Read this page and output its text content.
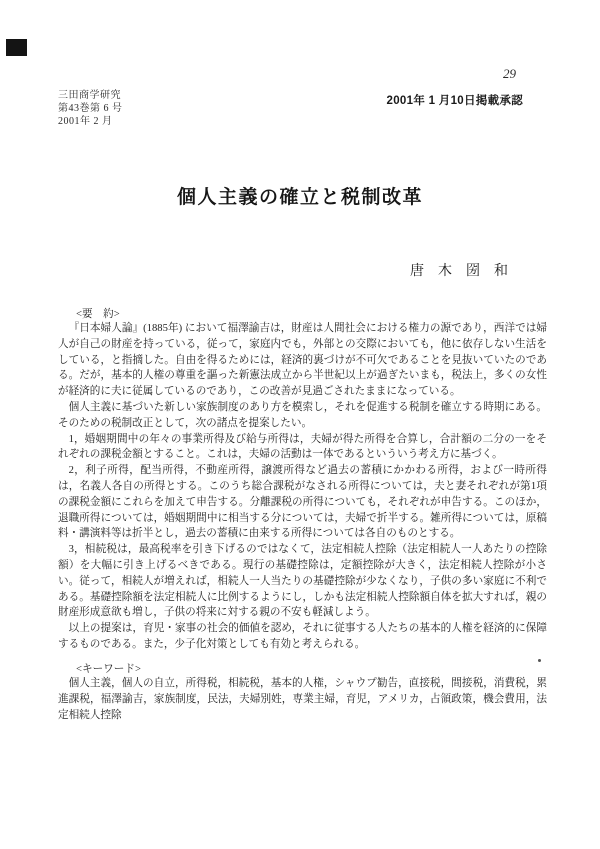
29
三田商学研究
第43巻第 6 号
2001年 2 月
2001年 1 月10日掲載承認
個人主義の確立と税制改革
唐　木　圀　和
<要　約>

『日本婦人論』(1885年) において福澤諭吉は，財産は人間社会における権力の源であり，西洋では婦人が自己の財産を持っている，従って，家庭内でも，外部との交際においても，他に依存しない生活をしている，と指摘した。自由を得るためには，経済的裏づけが不可欠であることを見抜いていたのである。だが，基本的人権の尊重を謳った新憲法成立から半世紀以上が過ぎたいまも，税法上，多くの女性が経済的に夫に従属しているのであり，この改善が見過ごされたままになっている。

個人主義に基づいた新しい家族制度のあり方を模索し，それを促進する税制を確立する時期にある。そのための税制改正として，次の諸点を提案したい。

1，婚姻期間中の年々の事業所得及び給与所得は，夫婦が得た所得を合算し，合計額の二分の一をそれぞれの課税金額とすること。これは，夫婦の活動は一体であるといういう考え方に基づく。

2，利子所得，配当所得，不動産所得，譲渡所得など過去の蓄積にかかわる所得，および一時所得は，名義人各自の所得とする。このうち総合課税がなされる所得については，夫と妻それぞれが第1項の課税金額にこれらを加えて申告する。分離課税の所得についても，それぞれが申告する。このほか，退職所得については，婚姻期間中に相当する分については，夫婦で折半する。雑所得については，原稿料・講演料等は折半とし，過去の蓄積に由来する所得については各自のものとする。

3，相続税は，最高税率を引き下げるのではなくて，法定相続人控除（法定相続人一人あたりの控除額）を大幅に引き上げるべきである。現行の基礎控除は，定額控除が大きく，法定相続人控除が小さい。従って，相続人が増えれば，相続人一人当たりの基礎控除が少なくなり，子供の多い家庭に不利である。基礎控除額を法定相続人に比例するようにし，しかも法定相続人控除額自体を拡大すれば，親の財産形成意欲も増し，子供の将来に対する親の不安も軽減しよう。

以上の提案は，育児・家事の社会的価値を認め，それに従事する人たちの基本的人権を経済的に保障するものである。また，少子化対策としても有効と考えられる。

<キーワード>
個人主義，個人の自立，所得税，相続税，基本的人権，シャウプ勧告，直接税，間接税，消費税，累進課税，福澤諭吉，家族制度，民法，夫婦別姓，専業主婦，育児，アメリカ，占領政策，機会費用，法定相続人控除
